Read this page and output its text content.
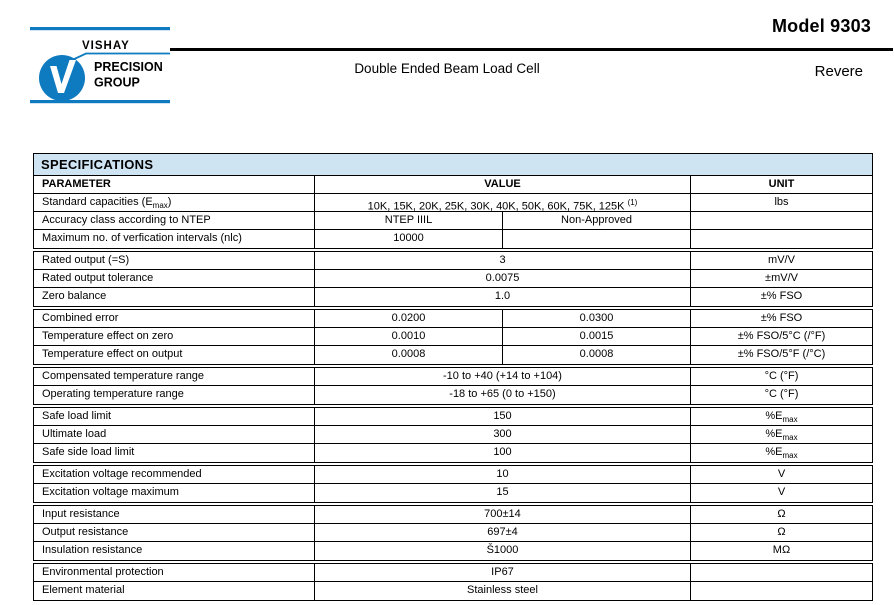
VISHAY
PRECISION
GROUP
Model 9303
Double Ended Beam Load Cell	Revere
SPECIFICATIONS
PARAMETER	VALUE	UNIT
Standard capacities $(E_{max})$	10K, 15K, 20K, 25K, 30K, 40K, 50K, 60K, 75K, 125K $^{(1)}$	lbs
Accuracy class according to NTEP	NTEP IIIL	Non-Approved
Maximum no. of verfication intervals (nlc)	10000
Rated output (=S)	3	mV/V
Rated output tolerance	0.0075	±mV/V
Zero balance	1.0	±% FSO
Combined error	0.0200	0.0300	±% FSO
Temperature effect on zero	0.0010	0.0015	±% FSO/5°C (/°F)
Temperature effect on output	0.0008	0.0008	±% FSO/5°F (/°C)
Compensated temperature range	-10 to +40 (+14 to +104)	°C (°F)
Operating temperature range	-18 to +65 (0 to +150)	°C (°F)
Safe load limit	150	$\%E_{max}$
Ultimate load	300	$\%E_{max}$
Safe side load limit	100	$\%E_{max}$
Excitation voltage recommended	10	V
Excitation voltage maximum	15	V
Input resistance	700±14	Ω
Output resistance	697±4	Ω
Insulation resistance	Š1000	MΩ
Environmental protection	IP67
Element material	Stainless steel
